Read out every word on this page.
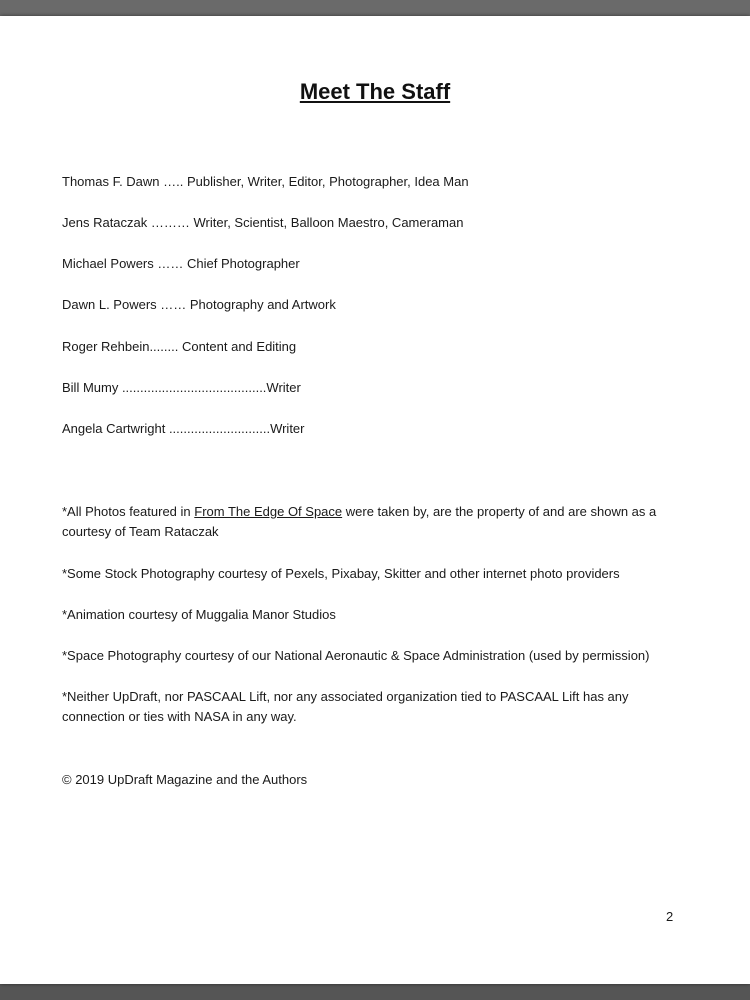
Meet The Staff
Thomas F. Dawn ….. Publisher, Writer, Editor, Photographer, Idea Man
Jens Rataczak ……… Writer, Scientist, Balloon Maestro, Cameraman
Michael Powers …… Chief Photographer
Dawn L. Powers …… Photography and Artwork
Roger Rehbein........ Content and Editing
Bill Mumy ........................................Writer
Angela Cartwright ............................Writer
*All Photos featured in From The Edge Of Space were taken by, are the property of and are shown as a courtesy of Team Rataczak
*Some Stock Photography courtesy of Pexels, Pixabay, Skitter and other internet photo providers
*Animation courtesy of Muggalia Manor Studios
*Space Photography courtesy of our National Aeronautic & Space Administration (used by permission)
*Neither UpDraft, nor PASCAAL Lift, nor any associated organization tied to PASCAAL Lift has any connection or ties with NASA in any way.
© 2019 UpDraft Magazine and the Authors
2
